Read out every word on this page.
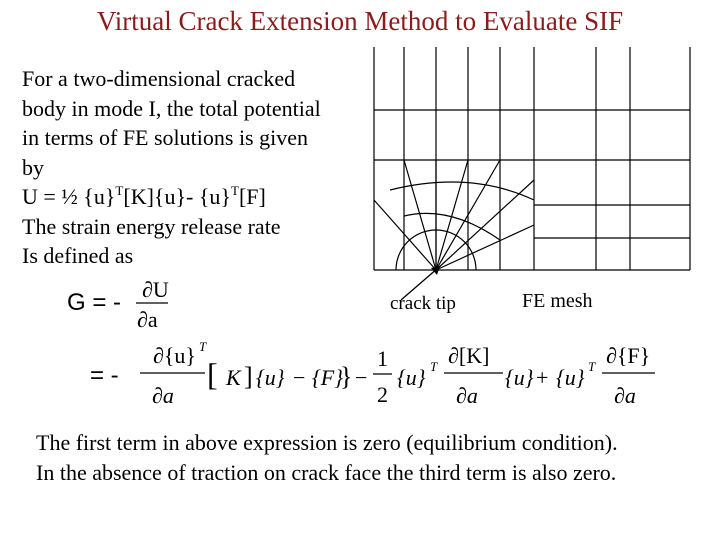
Virtual Crack Extension Method to Evaluate SIF
For a two-dimensional cracked
body in mode I, the total potential
in terms of FE solutions is given
by
U = ½ $\{u\}^T[K]\{u\}-$ $\{u\}^T[F]$
The strain energy release rate
Is defined as
crack tip	FE mesh
G = - ∂U
∂a
= -
∂{u} T
∂a
[ K ] {u} − {F}
} −
1
2
{u} T ∂[K]
∂a
{u} + {u} T ∂{F}
∂a
The first term in above expression is zero (equilibrium condition).
In the absence of traction on crack face the third term is also zero.
